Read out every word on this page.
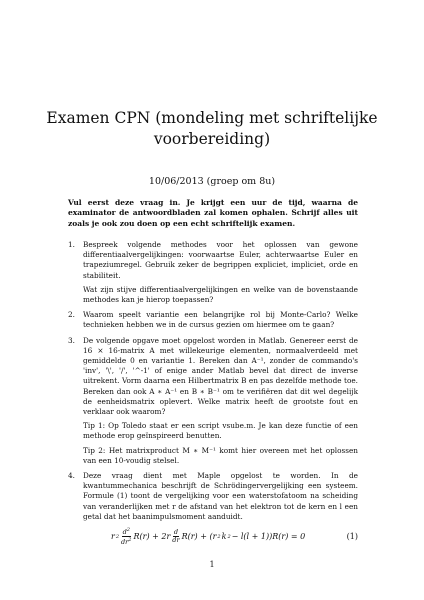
Examen CPN (mondeling met schriftelijke voorbereiding)
10/06/2013 (groep om 8u)
Vul eerst deze vraag in. Je krijgt een uur de tijd, waarna de examinator de antwoordbladen zal komen ophalen. Schrijf alles uit zoals je ook zou doen op een echt schriftelijk examen.
1. Bespreek volgende methodes voor het oplossen van gewone differentiaalvergelijkingen: voorwaartse Euler, achterwaartse Euler en trapeziumregel. Gebruik zeker de begrippen expliciet, impliciet, orde en stabiliteit.

Wat zijn stijve differentiaalvergelijkingen en welke van de bovenstaande methodes kan je hierop toepassen?

2. Waarom speelt variantie een belangrijke rol bij Monte-Carlo? Welke technieken hebben we in de cursus gezien om hiermee om te gaan?

3. De volgende opgave moet opgelost worden in Matlab. Genereer eerst de 16 × 16-matrix A met willekeurige elementen, normaalverdeeld met gemiddelde 0 en variantie 1. Bereken dan A⁻¹, zonder de commando's 'inv', '\', '/', '^-1' of enige ander Matlab bevel dat direct de inverse uitrekent. Vorm daarna een Hilbertmatrix B en pas dezelfde methode toe. Bereken dan ook A ∗ A⁻¹ en B ∗ B⁻¹ om te verifiëren dat dit wel degelijk de eenheidsmatrix oplevert. Welke matrix heeft de grootste fout en verklaar ook waarom?

Tip 1: Op Toledo staat er een script vsube.m. Je kan deze functie of een methode erop geïnspireerd benutten.

Tip 2: Het matrixproduct M ∗ M⁻¹ komt hier overeen met het oplossen van een 10-voudig stelsel.

4. Deze vraag dient met Maple opgelost te worden. In de kwantummechanica beschrijft de Schrödingervergelijking een systeem. Formule (1) toont de vergelijking voor een waterstofatoom na scheiding van veranderlijken met r de afstand van het elektron tot de kern en l een getal dat het baanimpulsmoment aanduidt.

r $2 \frac{d^2}{dr^2} R(r) + 2r \frac{d}{dr} R(r) + (r$ 2 k 2 − l(l + 1))R(r) = 0	(1)
1
